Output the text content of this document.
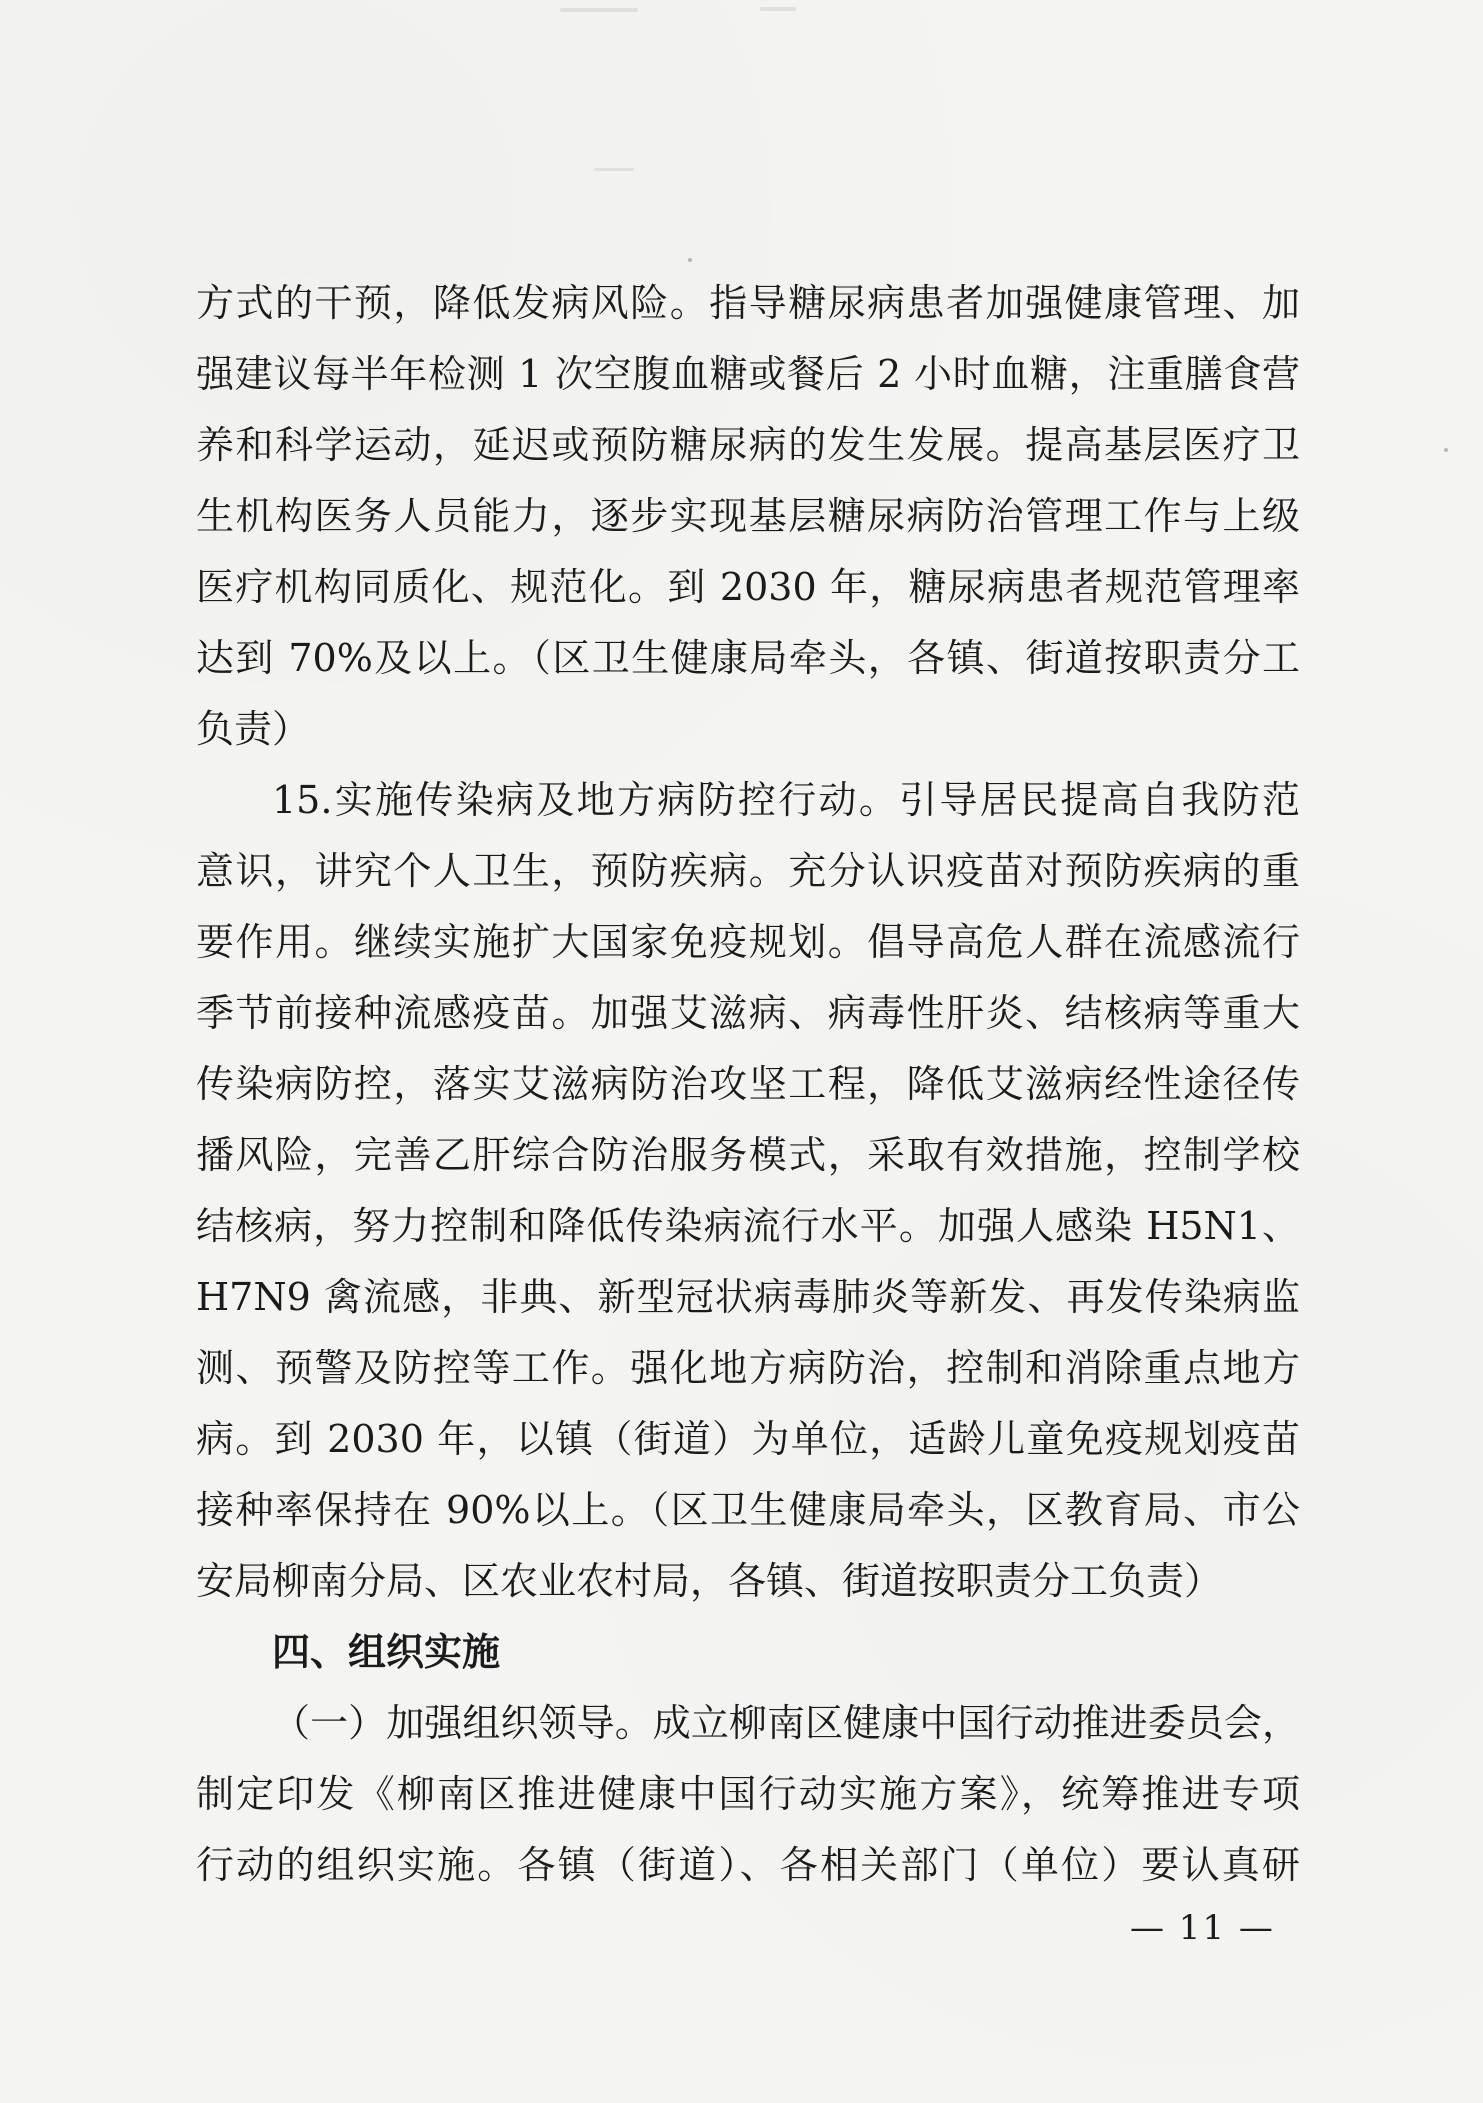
方式的干预，降低发病风险。指导糖尿病患者加强健康管理、加
强建议每半年检测 1 次空腹血糖或餐后 2 小时血糖，注重膳食营
养和科学运动，延迟或预防糖尿病的发生发展。提高基层医疗卫
生机构医务人员能力，逐步实现基层糖尿病防治管理工作与上级
医疗机构同质化、规范化。到 2030 年，糖尿病患者规范管理率
达到 70%及以上。（区卫生健康局牵头，各镇、街道按职责分工
负责）
15.实施传染病及地方病防控行动。引导居民提高自我防范
意识，讲究个人卫生，预防疾病。充分认识疫苗对预防疾病的重
要作用。继续实施扩大国家免疫规划。倡导高危人群在流感流行
季节前接种流感疫苗。加强艾滋病、病毒性肝炎、结核病等重大
传染病防控，落实艾滋病防治攻坚工程，降低艾滋病经性途径传
播风险，完善乙肝综合防治服务模式，采取有效措施，控制学校
结核病，努力控制和降低传染病流行水平。加强人感染 H5N1、
H7N9 禽流感，非典、新型冠状病毒肺炎等新发、再发传染病监
测、预警及防控等工作。强化地方病防治，控制和消除重点地方
病。到 2030 年，以镇（街道）为单位，适龄儿童免疫规划疫苗
接种率保持在 90%以上。（区卫生健康局牵头，区教育局、市公
安局柳南分局、区农业农村局，各镇、街道按职责分工负责）
四、组织实施
（一）加强组织领导。成立柳南区健康中国行动推进委员会，
制定印发《柳南区推进健康中国行动实施方案》，统筹推进专项
行动的组织实施。各镇（街道）、各相关部门（单位）要认真研
— 11 —
